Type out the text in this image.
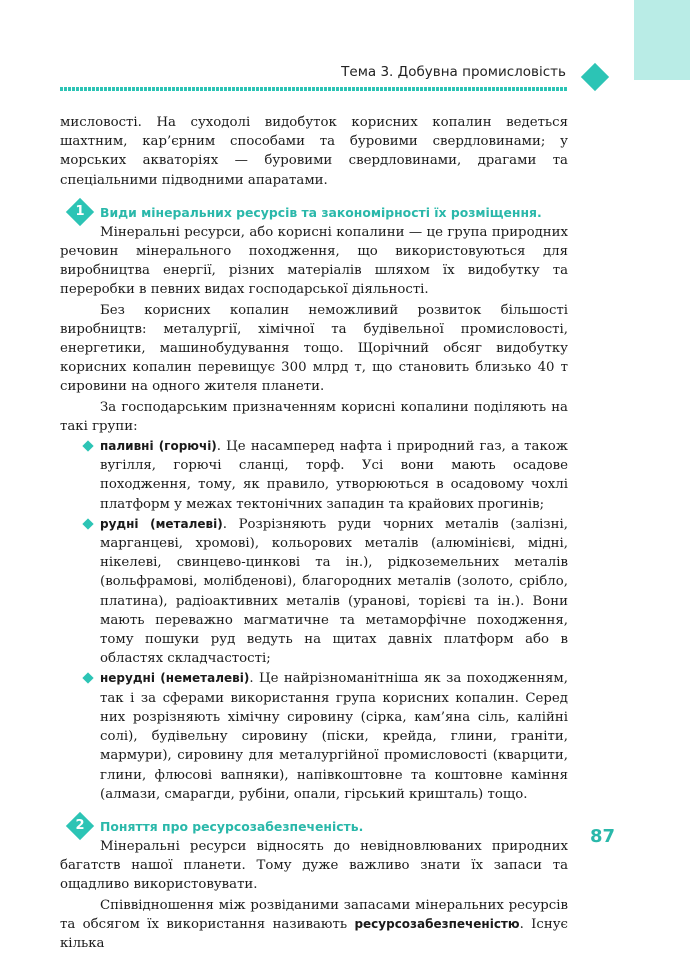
Тема 3. Добувна промисловість

мисловості. На суходолі видобуток корисних копалин ведеться шахтним, кар’єрним способами та буровими свердловинами; у морських акваторіях — буровими свердловинами, драгами та спеціальними підводними апаратами.

1	Види мінеральних ресурсів та закономірності їх розміщення.

Мінеральні ресурси, або корисні копалини — це група природних речовин мінерального походження, що використовуються для виробництва енергії, різних матеріалів шляхом їх видобутку та переробки в певних видах господарської діяльності.

Без корисних копалин неможливий розвиток більшості виробництв: металургії, хімічної та будівельної промисловості, енергетики, машинобудування тощо. Щорічний обсяг видобутку корисних копалин перевищує 300 млрд т, що становить близько 40 т сировини на одного жителя планети.

За господарським призначенням корисні копалини поділяють на такі групи:

паливні (горючі). Це насамперед нафта і природний газ, а також вугілля, горючі сланці, торф. Усі вони мають осадове походження, тому, як правило, утворюються в осадовому чохлі платформ у межах тектонічних западин та крайових прогинів;
рудні (металеві). Розрізняють руди чорних металів (залізні, марганцеві, хромові), кольорових металів (алюмінієві, мідні, нікелеві, свинцево-цинкові та ін.), рідкоземельних металів (вольфрамові, молібденові), благородних металів (золото, срібло, платина), радіоактивних металів (уранові, торієві та ін.). Вони мають переважно магматичне та метаморфічне походження, тому пошуки руд ведуть на щитах давніх платформ або в областях складчастості;
нерудні (неметалеві). Це найрізноманітніша як за походженням, так і за сферами використання група корисних копалин. Серед них розрізняють хімічну сировину (сірка, кам’яна сіль, калійні солі), будівельну сировину (піски, крейда, глини, граніти, мармури), сировину для металургійної промисловості (кварцити, глини, флюсові вапняки), напівкоштовне та коштовне каміння (алмази, смарагди, рубіни, опали, гірський кришталь) тощо.
2	Поняття про ресурсозабезпеченість.

Мінеральні ресурси відносять до невідновлюваних природних багатств нашої планети. Тому дуже важливо знати їх запаси та ощадливо використовувати.

Співвідношення між розвіданими запасами мінеральних ресурсів та обсягом їх використання називають ресурсозабезпеченістю. Існує кілька

87
